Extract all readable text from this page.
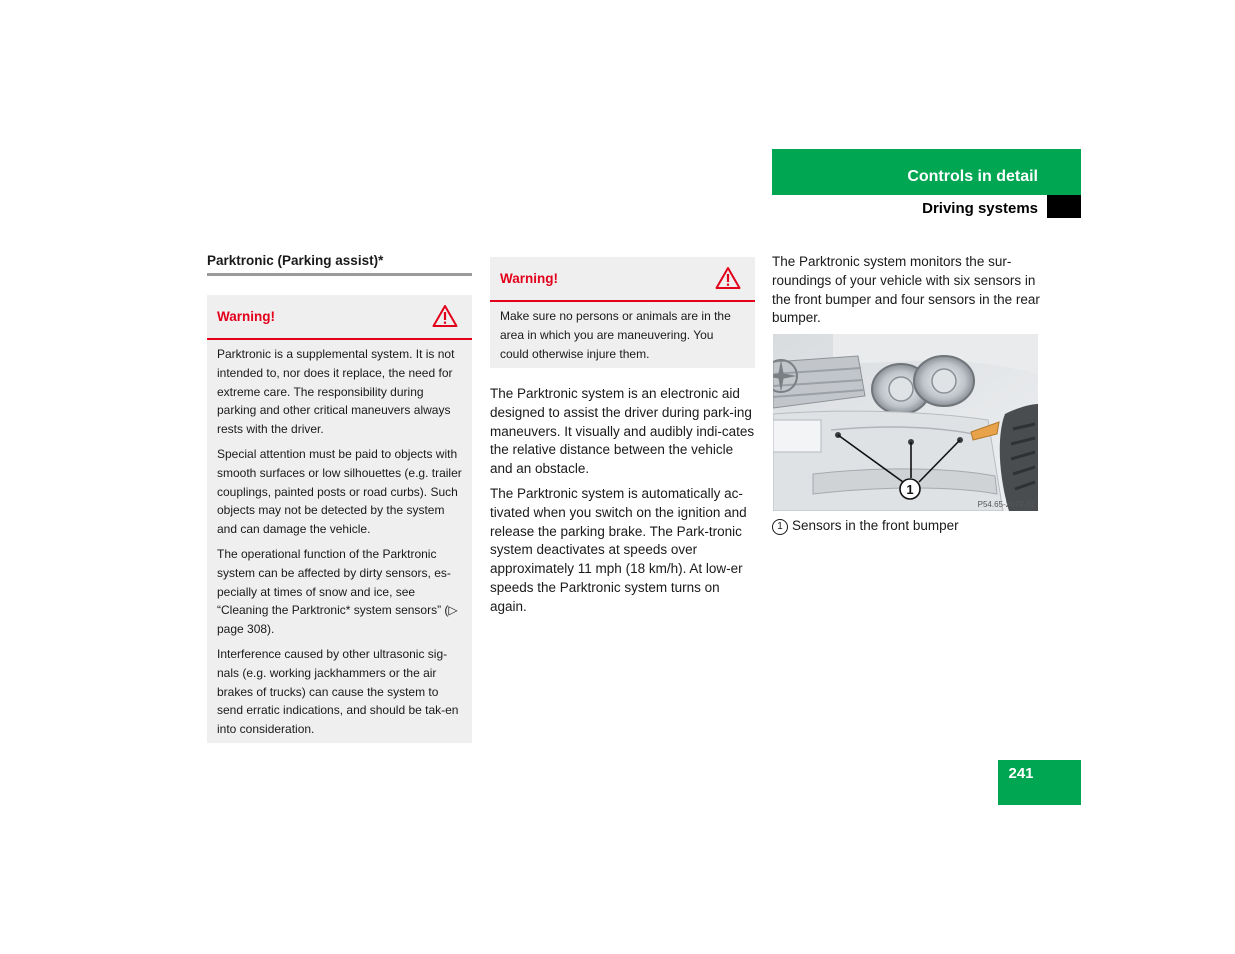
Controls in detail
Driving systems
Parktronic (Parking assist)*
Warning!

Parktronic is a supplemental system. It is not intended to, nor does it replace, the need for extreme care. The responsibility during parking and other critical maneuvers always rests with the driver.

Special attention must be paid to objects with smooth surfaces or low silhouettes (e.g. trailer couplings, painted posts or road curbs). Such objects may not be detected by the system and can damage the vehicle.

The operational function of the Parktronic system can be affected by dirty sensors, es-pecially at times of snow and ice, see “Cleaning the Parktronic* system sensors” (▷ page 308).

Interference caused by other ultrasonic sig-nals (e.g. working jackhammers or the air brakes of trucks) can cause the system to send erratic indications, and should be tak-en into consideration.

Warning!

Make sure no persons or animals are in the area in which you are maneuvering. You could otherwise injure them.

The Parktronic system is an electronic aid designed to assist the driver during park-ing maneuvers. It visually and audibly indi-cates the relative distance between the vehicle and an obstacle.

The Parktronic system is automatically ac-tivated when you switch on the ignition and release the parking brake. The Park-tronic system deactivates at speeds over approximately 11 mph (18 km/h). At low-er speeds the Parktronic system turns on again.

The Parktronic system monitors the sur-roundings of your vehicle with six sensors in the front bumper and four sensors in the rear bumper.

1
P54.65-2678-31
1 Sensors in the front bumper
241
